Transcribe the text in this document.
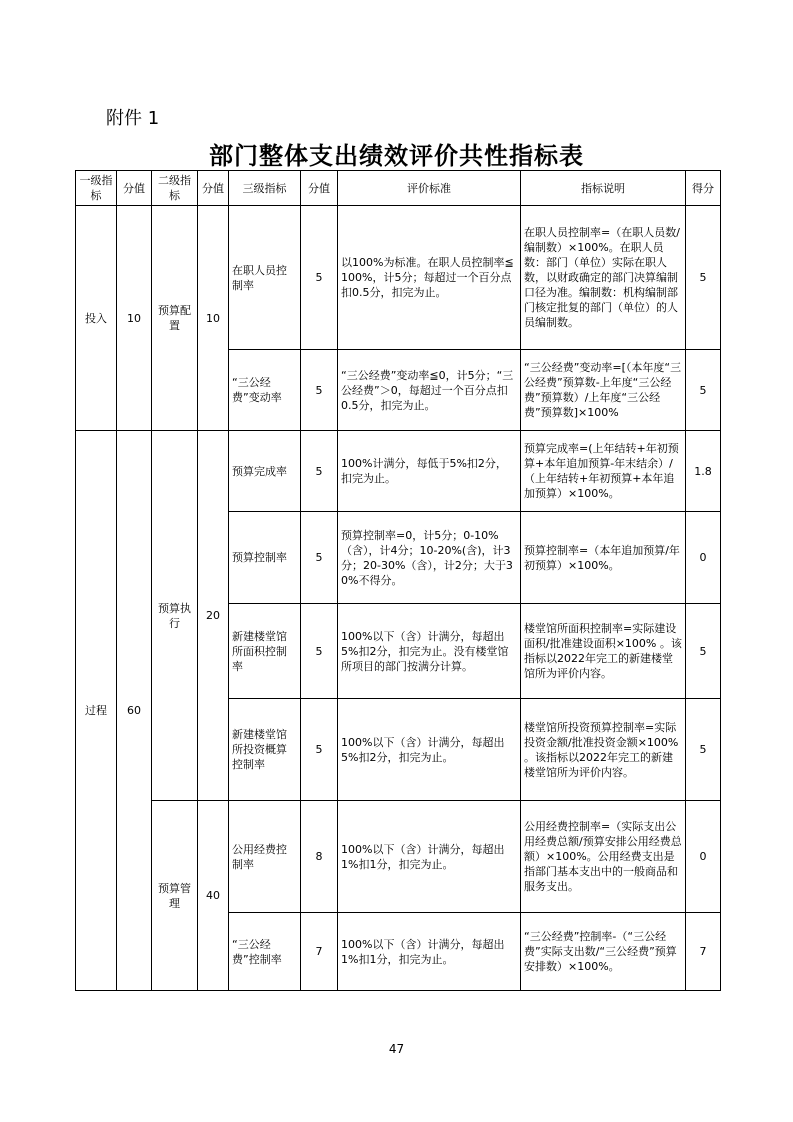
附件 1
部门整体支出绩效评价共性指标表
一级指标	分值	二级指标	分值	三级指标	分值	评价标准	指标说明	得分
投入	10	预算配置	10	在职人员控制率	5	以100%为标准。在职人员控制率≦100%，计5分；每超过一个百分点扣0.5分，扣完为止。	在职人员控制率=（在职人员数/编制数）×100%。在职人员数：部门（单位）实际在职人数，以财政确定的部门决算编制口径为准。编制数：机构编制部门核定批复的部门（单位）的人员编制数。	5
				“三公经费”变动率	5	“三公经费”变动率≦0，计5分；“三公经费”＞0，每超过一个百分点扣0.5分，扣完为止。	“三公经费”变动率=[（本年度“三公经费”预算数-上年度“三公经费”预算数）/上年度“三公经费”预算数]×100%	5
过程	60	预算执行	20	预算完成率	5	100%计满分，每低于5%扣2分，扣完为止。	预算完成率=(上年结转+年初预算+本年追加预算-年末结余）/（上年结转+年初预算+本年追加预算）×100%。	1.8
				预算控制率	5	预算控制率=0，计5分；0-10%（含），计4分；10-20%(含)，计3分；20-30%（含），计2分；大于30%不得分。	预算控制率=（本年追加预算/年初预算）×100%。	0
				新建楼堂馆所面积控制率	5	100%以下（含）计满分，每超出5%扣2分，扣完为止。没有楼堂馆所项目的部门按满分计算。	楼堂馆所面积控制率=实际建设面积/批准建设面积×100% 。该指标以2022年完工的新建楼堂馆所为评价内容。	5
				新建楼堂馆所投资概算控制率	5	100%以下（含）计满分，每超出5%扣2分，扣完为止。	楼堂馆所投资预算控制率=实际投资金额/批准投资金额×100% 。该指标以2022年完工的新建楼堂馆所为评价内容。	5
		预算管理	40	公用经费控制率	8	100%以下（含）计满分，每超出1%扣1分，扣完为止。	公用经费控制率=（实际支出公用经费总额/预算安排公用经费总额）×100%。公用经费支出是指部门基本支出中的一般商品和服务支出。	0
				“三公经费”控制率	7	100%以下（含）计满分，每超出1%扣1分，扣完为止。	“三公经费”控制率-（“三公经费”实际支出数/“三公经费”预算安排数）×100%。	7
47
